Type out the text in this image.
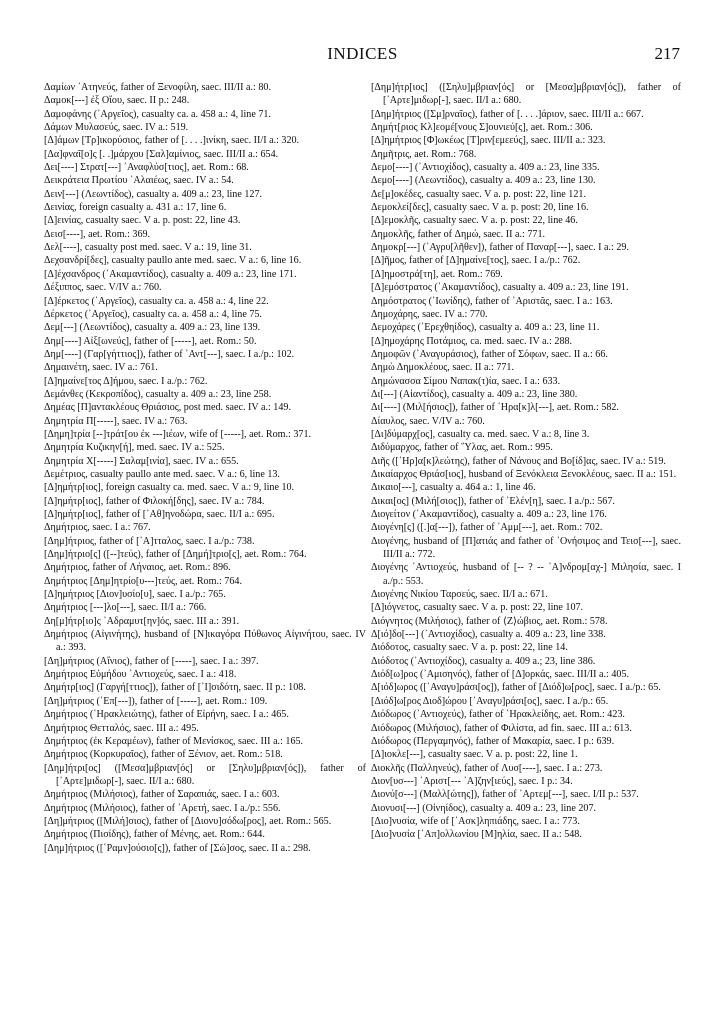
INDICES	217

Δαμίων ᾽Ατηνεύς, father of Ξενοφίλη, saec. III/II a.: 80.

Δαμοκ[---] ἐξ Οἴου, saec. II p.: 248.

Δαμοφάνης (᾽Αργεῖος), casualty ca. a. 458 a.: 4, line 71.

Δάμων Μυλασεύς, saec. IV a.: 519.

[Δ]άμων [Τρ]ικορύσιος, father of [. . . .]ινίκη, saec. II/I a.: 320.

[Δα]φναῖ[ο]ς [. .]μάρχου [Σαλ]αμίνιος, saec. III/II a.: 654.

Δει[----] Στρατ[---] ᾽Αναφλύσ[τιος], aet. Rom.: 68.

Δεικράτεια Πρωτίου ᾽Αλαιέως, saec. IV a.: 54.

Δειν[---] (Λεωντίδος), casualty a. 409 a.: 23, line 127.

Δεινίας, foreign casualty a. 431 a.: 17, line 6.

[Δ]εινίας, casualty saec. V a. p. post: 22, line 43.

Δεισ[----], aet. Rom.: 369.

Δελ[----], casualty post med. saec. V a.: 19, line 31.

Δεχσανδρί[δες], casualty paullo ante med. saec. V a.: 6, line 16.

[Δ]έχσανδρος (᾽Ακαμαντίδος), casualty a. 409 a.: 23, line 171.

Δέξιππος, saec. V/IV a.: 760.

[Δ]έρκετος (᾽Αργεῖος), casualty ca. a. 458 a.: 4, line 22.

Δέρκετος (᾽Αργεῖος), casualty ca. a. 458 a.: 4, line 75.

Δεμ[---] (Λεωντίδος), casualty a. 409 a.: 23, line 139.

Δημ[----] Αἰξ[ωνεύς], father of [-----], aet. Rom.: 50.

Δημ[----] (Γαρ[γήττιος]), father of ᾽Αντ[---], saec. I a./p.: 102.

Δημαινέτη, saec. IV a.: 761.

[Δ]ημαίνε[τος Δ]ήμου, saec. I a./p.: 762.

Δεμάνθες (Κεκροπίδος), casualty a. 409 a.: 23, line 258.

Δημέας [Π]αντακλέους Θριάσιος, post med. saec. IV a.: 149.

Δημητρία Π[-----], saec. IV a.: 763.

[Δημη]τρία [--]τράτ[ου ἐκ ---]ιέων, wife of [-----], aet. Rom.: 371.

Δημητρία Κυζικην[ή], med. saec. IV a.: 525.

Δημητρία Χ[-----] Σαλαμ[ινία], saec. IV a.: 655.

Δεμέτριος, casualty paullo ante med. saec. V a.: 6, line 13.

[Δ]ημήτρ[ιος], foreign casualty ca. med. saec. V a.: 9, line 10.

[Δ]ημήτρ[ιος], father of Φιλοκή[δης], saec. IV a.: 784.

[Δ]ημήτρ[ιος], father of [᾽Αθ]ηνοδώρα, saec. II/I a.: 695.

Δημήτριος, saec. I a.: 767.

[Δημ]ήτριος, father of [᾽Α]τταλος, saec. I a./p.: 738.

[Δημ]ήτριο[ς] ([--]τεύς), father of [Δημή]τριο[ς], aet. Rom.: 764.

Δημήτριος, father of Λήναιος, aet. Rom.: 896.

Δημήτριος [Δημ]ητρίο[υ---]τεύς, aet. Rom.: 764.

[Δ]ημήτριος [Διον]υσίο[υ], saec. I a./p.: 765.

Δημήτριος [---]λο[---], saec. II/I a.: 766.

Δη[μ]ήτρ[ιο]ς ᾽Αδραμυτ[ην]ός, saec. III a.: 391.

Δημήτριος (Αἰγινήτης), husband of [Ν]ικαγόρα Πύθωνος Αἰγινήτου, saec. IV a.: 393.

[Δη]μήτριος (Αἴνιος), father of [-----], saec. I a.: 397.

Δημήτριος Εὐμήδου ᾽Αντιοχεύς, saec. I a.: 418.

Δημήτρ[ιος] (Γαργή[ττιος]), father of [᾽Ι]σιδότη, saec. II p.: 108.

[Δη]μήτριος (᾽Επ[---]), father of [-----], aet. Rom.: 109.

Δημήτριος (῾Ηρακλειώτης), father of Εἰρήνη, saec. I a.: 465.

Δημήτριος Θετταλός, saec. III a.: 495.

Δημήτριος (ἐκ Κεραμέων), father of Μενίσκος, saec. III a.: 165.

Δημήτριος (Κορκυραῖος), father of Ξένιον, aet. Rom.: 518.

[Δημ]ήτρι[ος] ([Μεσα]μβριαν[ός] or [Σηλυ]μβριαν[ός]), father of [᾽Αρτε]μιδωρ[-], saec. II/I a.: 680.

Δημήτριος (Μιλήσιος), father of Σαραπιάς, saec. I a.: 603.

Δημήτριος (Μιλήσιος), father of ᾽Αρετή, saec. I a./p.: 556.

[Δη]μήτριος ([Μιλή]σιος), father of [Διονυ]σόδω[ρος], aet. Rom.: 565.

Δημήτριος (Πισίδης), father of Μένης, aet. Rom.: 644.

[Δημ]ήτριος ([῾Ραμν]ούσιο[ς]), father of [Σώ]σος, saec. II a.: 298.

[Δημ]ήτρ[ιος] ([Σηλυ]μβριαν[ός] or [Μεσα]μβριαν[ός]), father of [᾽Αρτε]μιδωρ[-], saec. II/I a.: 680.

[Δημ]ήτριος ([Σμ]ρναῖος), father of [. . . .]άριον, saec. III/II a.: 667.

Δημήτ[ριος Κλ]εομέ[νους Σ]ουνιεύ[ς], aet. Rom.: 306.

[Δ]ημήτριος [Φ]ωκέως [Τ]ριν[εμεεύς], saec. III/II a.: 323.

Δημῆτρις, aet. Rom.: 768.

Δεμο[----] (᾽Αντιοχίδος), casualty a. 409 a.: 23, line 335.

Δεμο[----] (Λεωντίδος), casualty a. 409 a.: 23, line 130.

Δε[μ]οκέδες, casualty saec. V a. p. post: 22, line 121.

Δεμοκλεί[δες], casualty saec. V a. p. post: 20, line 16.

[Δ]εμοκλῆς, casualty saec. V a. p. post: 22, line 46.

Δημοκλῆς, father of Δημώ, saec. II a.: 771.

Δημοκρ[---] (᾽Αγρυ[λῆθεν]), father of Παναρ[---], saec. I a.: 29.

[Δ]ῆμος, father of [Δ]ημαίνε[τος], saec. I a./p.: 762.

[Δ]ημοστρά[τη], aet. Rom.: 769.

[Δ]εμόστρατος (᾽Ακαμαντίδος), casualty a. 409 a.: 23, line 191.

Δημόστρατος (᾽Ιωνίδης), father of ᾽Αριστᾶς, saec. I a.: 163.

Δημοχάρης, saec. IV a.: 770.

Δεμοχάρες (᾽Ερεχθηίδος), casualty a. 409 a.: 23, line 11.

[Δ]ημοχάρης Ποτάμιος, ca. med. saec. IV a.: 288.

Δημοφῶν (᾽Αναγυράσιος), father of Σόφων, saec. II a.: 66.

Δημὼ Δημοκλέους, saec. II a.: 771.

Δημώνασσα Σίμου Ναπακ(τ)ία, saec. I a.: 633.

Δι[---] (Αἰαντίδος), casualty a. 409 a.: 23, line 380.

Δι[----] (Μιλ[ήσιος]), father of ῾Ηρα[κ]λ[---], aet. Rom.: 582.

Δίαυλος, saec. V/IV a.: 760.

[Δι]δύμαρχ[ος], casualty ca. med. saec. V a.: 8, line 3.

Διδύμαρχος, father of ῞Υλας, aet. Rom.: 995.

Διῆς ([῾Ηρ]α[κ]λεώτης), father of Νάνους and Βο[ίδ]ας, saec. IV a.: 519.

Δικαίαρχος Θριάσ[ιος], husband of Ξενόκλεια Ξενοκλέους, saec. II a.: 151.

Δικαιο[---], casualty a. 464 a.: 1, line 46.

Δικαι[ος] (Μιλή[σιος]), father of ᾽Ελέν[η], saec. I a./p.: 567.

Διογείτον (᾽Ακαμαντίδος), casualty a. 409 a.: 23, line 176.

Διογένη[ς] ([.]α[---]), father of ᾽Αμμ[---], aet. Rom.: 702.

Διογένης, husband of [Π]ατιάς and father of ᾽Ονήσιμος and Τεισ[---], saec. III/II a.: 772.

Διογένης ᾽Αντιοχεύς, husband of [-- ? -- ᾽Α]νδρομ[αχ-] Μιλησία, saec. I a./p.: 553.

Διογένης Νικίου Ταρσεύς, saec. II/I a.: 671.

[Δ]ιόγνετος, casualty saec. V a. p. post: 22, line 107.

Διόγνητος (Μιλήσιος), father of ⟨Ζ⟩ώβιος, aet. Rom.: 578.

Δ[ιό]δο[---] (᾽Αντιοχίδος), casualty a. 409 a.: 23, line 338.

Διόδοτος, casualty saec. V a. p. post: 22, line 14.

Διόδοτος (᾽Αντιοχίδος), casualty a. 409 a.; 23, line 386.

Διόδ[ω]ρος (᾽Αμισηνός), father of [Δ]ορκάς, saec. III/II a.: 405.

Δ[ιόδ]ωρος ([᾽Αναγυ]ράσι[ος]), father of [Διόδ]ω[ρος], saec. I a./p.: 65.

[Διόδ]ω[ρος Διοδ]ώρου [᾽Αναγυ]ράσι[ος], saec. I a./p.: 65.

Διόδωρος (᾽Αντιοχεύς), father of ῾Ηρακλείδης, aet. Rom.: 423.

Διόδωρος (Μιλήσιος), father of Φιλίστα, ad fin. saec. III a.: 613.

Διόδωρος (Περγαμηνός), father of Μακαρία, saec. I p.: 639.

[Δ]ιοκλε[---], casualty saec. V a. p. post: 22, line 1.

Διοκλῆς (Παλληνεύς), father of Λυσ[----], saec. I a.: 273.

Διον[υσ---] ᾽Αριστ[--- ᾽Α]ζην[ιεύς], saec. I p.: 34.

Διονύ[σ---] (Μαλλ[ώτης]), father of ᾽Αρτεμ[---], saec. I/II p.: 537.

Διονυσι[---] (Οἰνηίδος), casualty a. 409 a.: 23, line 207.

[Διο]νυσία, wife of [᾽Ασκ]ληπιάδης, saec. I a.: 773.

[Διο]νυσία [᾽Απ]ολλωνίου [Μ]ηλία, saec. II a.: 548.
